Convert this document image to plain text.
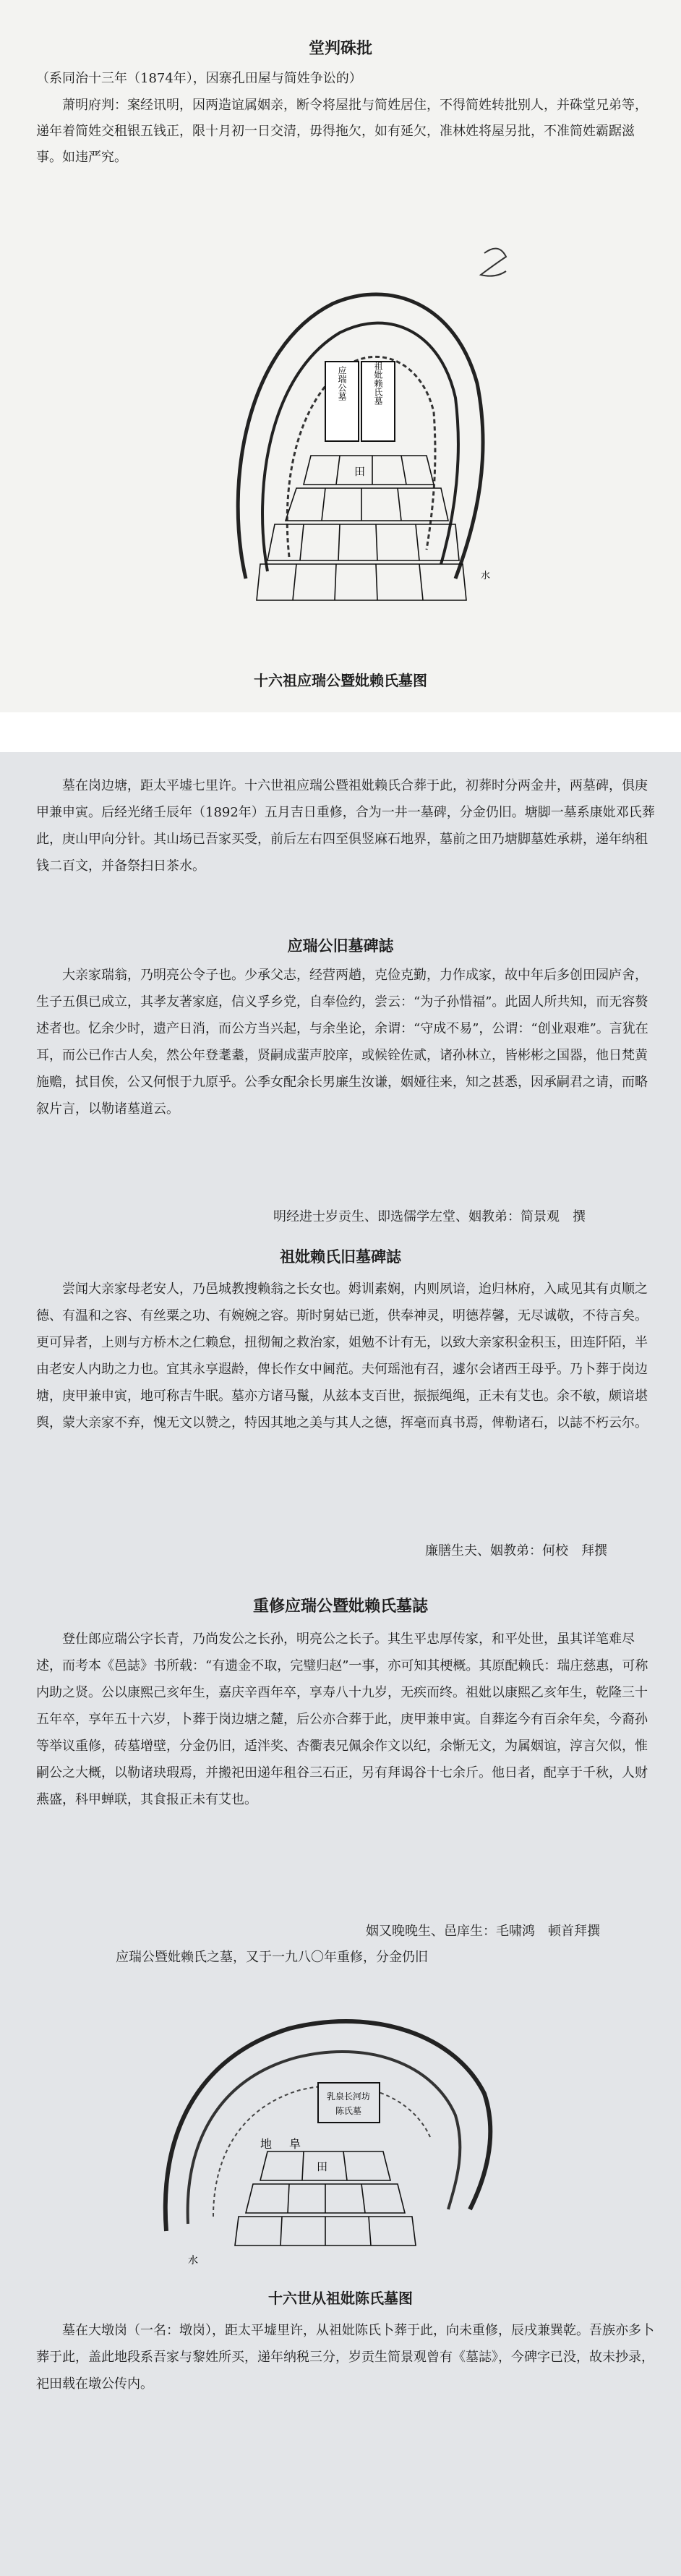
堂判硃批

（系同治十三年（1874年），因寨孔田屋与简姓争讼的）

萧明府判：案经讯明，因两造谊属姻亲，断令将屋批与简姓居住，不得简姓转批别人，并硃堂兄弟等，递年着简姓交租银五钱正，限十月初一日交清，毋得拖欠，如有延欠，准林姓将屋另批，不准简姓霸踞滋事。如违严究。

应瑞公墓	祖妣赖氏墓
田
水
十六祖应瑞公暨妣赖氏墓图

墓在岗边塘，距太平墟七里许。十六世祖应瑞公暨祖妣赖氏合葬于此，初葬时分两金井，两墓碑，俱庚甲兼申寅。后经光绪壬辰年（1892年）五月吉日重修，合为一井一墓碑，分金仍旧。塘脚一墓系康妣邓氏葬此，庚山甲向分针。其山场已吾家买受，前后左右四至俱竖麻石地界，墓前之田乃塘脚墓姓承耕，递年纳租钱二百文，并备祭扫日茶水。

应瑞公旧墓碑誌

大亲家瑞翁，乃明亮公令子也。少承父志，经营两趟，克俭克勤，力作成家，故中年后多创田园庐舍，生子五俱已成立，其孝友著家庭，信义孚乡党，自奉俭约，尝云：“为子孙惜福”。此固人所共知，而无容赘述者也。忆余少时，遗产日消，而公方当兴起，与余坐论，余谓：“守成不易”，公谓：“创业艰难”。言犹在耳，而公已作古人矣，然公年登耄耋，贤嗣成蜚声胶庠，或候铨佐贰，诸孙林立，皆彬彬之国器，他日梵黄施赡，拭目俟，公又何恨于九原乎。公季女配余长男廉生汝谦，姻娅往来，知之甚悉，因承嗣君之请，而略叙片言，以勒诸墓道云。

明经进士岁贡生、即选儒学左堂、姻教弟：简景观　撰

祖妣赖氏旧墓碑誌

尝闻大亲家母老安人，乃邑城教搜赖翁之长女也。姆训素娴，内则夙谙，迨归林府，入咸见其有贞顺之德、有温和之容、有丝粟之功、有婉婉之容。斯时舅姑已逝，供奉神灵，明德荐馨，无尽诚敬，不待言矣。更可异者，上则与方桥木之仁赖怠，扭彻匍之救治家，姐勉不计有无，以致大亲家积金积玉，田连阡陌，半由老安人内助之力也。宜其永享遐龄，俾长作女中阃范。夫何瑶池有召，遽尔会诸西王母乎。乃卜葬于岗边塘，庚甲兼申寅，地可称吉牛眠。墓亦方诸马鬣，从兹本支百世，振振绳绳，正未有艾也。余不敏，颇谙堪舆，蒙大亲家不弃，愧无文以赞之，特因其地之美与其人之德，挥毫而真书焉，俾勒诸石，以誌不朽云尔。

廉膳生夫、姻教弟：何校　拜撰

重修应瑞公暨妣赖氏墓誌

登仕郎应瑞公字长青，乃尚发公之长孙，明亮公之长子。其生平忠厚传家，和平处世，虽其详笔难尽述，而考本《邑誌》书所载：“有遗金不取，完璧归赵”一事，亦可知其梗概。其原配赖氏：瑞庄慈惠，可称内助之贤。公以康熙己亥年生，嘉庆辛酉年卒，享寿八十九岁，无疾而终。祖妣以康熙乙亥年生，乾隆三十五年卒，享年五十六岁，卜葬于岗边塘之麓，后公亦合葬于此，庚甲兼申寅。自葬迄今有百余年矣，今裔孙等举议重修，砖墓增壁，分金仍旧，适泮奖、杏衢表兄佩余作文以纪，余惭无文，为属姻谊，淳言欠似，惟嗣公之大概，以勒诸玦瑕焉，并搬祀田递年租谷三石正，另有拜谒谷十七余斤。他日者，配享于千秋，人财燕盛，科甲蝉联，其食报正未有艾也。

姻又晚晚生、邑庠生：毛啸鸿　顿首拜撰

应瑞公暨妣赖氏之墓，又于一九八〇年重修，分金仍旧

乳泉长河坊
陈氏墓
田
地 阜
水
十六世从祖妣陈氏墓图

墓在大墩岗（一名：墩岗），距太平墟里许，从祖妣陈氏卜葬于此，向未重修，辰戌兼巽乾。吾族亦多卜葬于此，盖此地段系吾家与黎姓所买，递年纳税三分，岁贡生简景观曾有《墓誌》，今碑字已没，故未抄录，祀田载在墩公传内。
